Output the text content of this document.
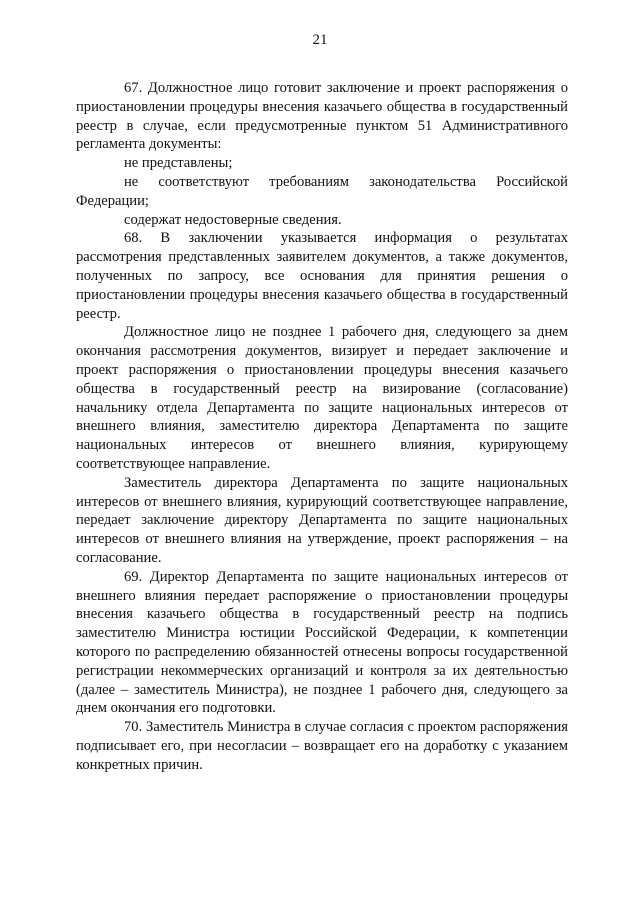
21

67. Должностное лицо готовит заключение и проект распоряжения о приостановлении процедуры внесения казачьего общества в государственный реестр в случае, если предусмотренные пунктом 51 Административного регламента документы:

не представлены;

не соответствуют требованиям законодательства Российской Федерации;

содержат недостоверные сведения.

68. В заключении указывается информация о результатах рассмотрения представленных заявителем документов, а также документов, полученных по запросу, все основания для принятия решения о приостановлении процедуры внесения казачьего общества в государственный реестр.

Должностное лицо не позднее 1 рабочего дня, следующего за днем окончания рассмотрения документов, визирует и передает заключение и проект распоряжения о приостановлении процедуры внесения казачьего общества в государственный реестр на визирование (согласование) начальнику отдела Департамента по защите национальных интересов от внешнего влияния, заместителю директора Департамента по защите национальных интересов от внешнего влияния, курирующему соответствующее направление.

Заместитель директора Департамента по защите национальных интересов от внешнего влияния, курирующий соответствующее направление, передает заключение директору Департамента по защите национальных интересов от внешнего влияния на утверждение, проект распоряжения – на согласование.

69. Директор Департамента по защите национальных интересов от внешнего влияния передает распоряжение о приостановлении процедуры внесения казачьего общества в государственный реестр на подпись заместителю Министра юстиции Российской Федерации, к компетенции которого по распределению обязанностей отнесены вопросы государственной регистрации некоммерческих организаций и контроля за их деятельностью (далее – заместитель Министра), не позднее 1 рабочего дня, следующего за днем окончания его подготовки.

70. Заместитель Министра в случае согласия с проектом распоряжения подписывает его, при несогласии – возвращает его на доработку с указанием конкретных причин.
